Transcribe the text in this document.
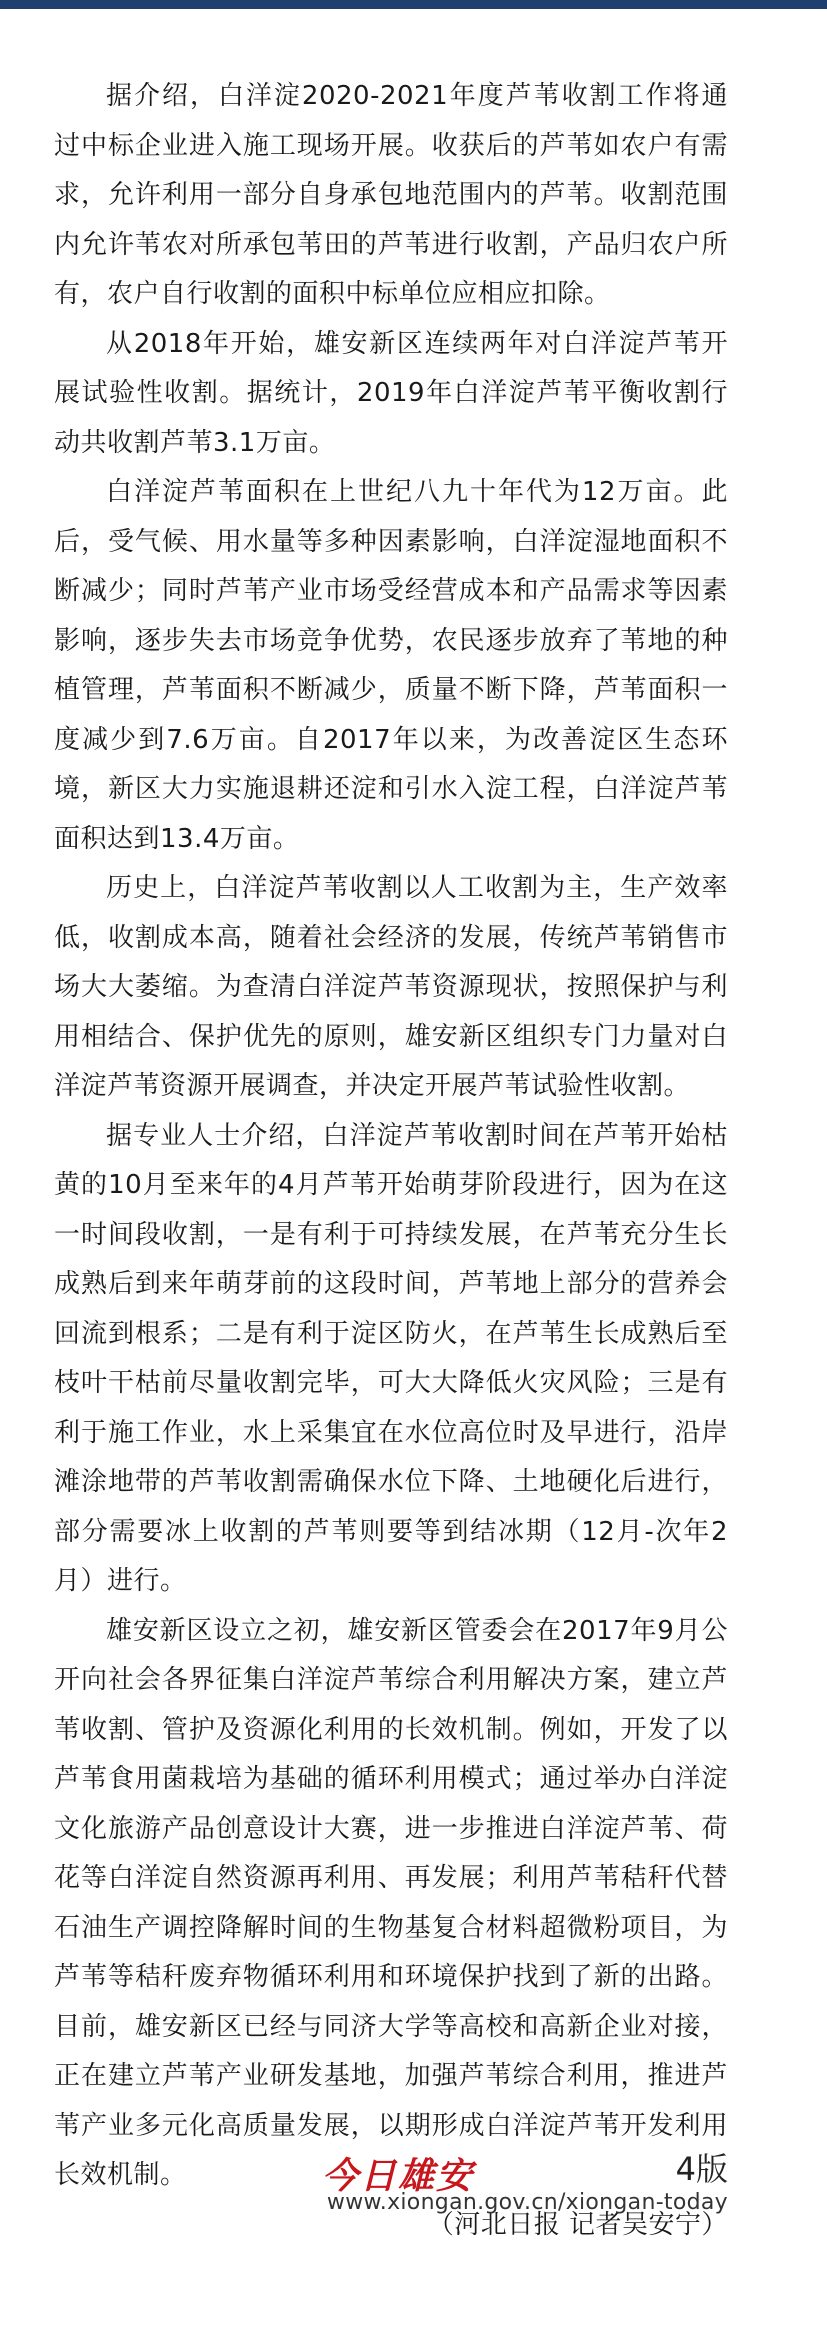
据介绍，白洋淀2020-2021年度芦苇收割工作将通过中标企业进入施工现场开展。收获后的芦苇如农户有需求，允许利用一部分自身承包地范围内的芦苇。收割范围内允许苇农对所承包苇田的芦苇进行收割，产品归农户所有，农户自行收割的面积中标单位应相应扣除。

从2018年开始，雄安新区连续两年对白洋淀芦苇开展试验性收割。据统计，2019年白洋淀芦苇平衡收割行动共收割芦苇3.1万亩。

白洋淀芦苇面积在上世纪八九十年代为12万亩。此后，受气候、用水量等多种因素影响，白洋淀湿地面积不断减少；同时芦苇产业市场受经营成本和产品需求等因素影响，逐步失去市场竞争优势，农民逐步放弃了苇地的种植管理，芦苇面积不断减少，质量不断下降，芦苇面积一度减少到7.6万亩。自2017年以来，为改善淀区生态环境，新区大力实施退耕还淀和引水入淀工程，白洋淀芦苇面积达到13.4万亩。

历史上，白洋淀芦苇收割以人工收割为主，生产效率低，收割成本高，随着社会经济的发展，传统芦苇销售市场大大萎缩。为查清白洋淀芦苇资源现状，按照保护与利用相结合、保护优先的原则，雄安新区组织专门力量对白洋淀芦苇资源开展调查，并决定开展芦苇试验性收割。

据专业人士介绍，白洋淀芦苇收割时间在芦苇开始枯黄的10月至来年的4月芦苇开始萌芽阶段进行，因为在这一时间段收割，一是有利于可持续发展，在芦苇充分生长成熟后到来年萌芽前的这段时间，芦苇地上部分的营养会回流到根系；二是有利于淀区防火，在芦苇生长成熟后至枝叶干枯前尽量收割完毕，可大大降低火灾风险；三是有利于施工作业，水上采集宜在水位高位时及早进行，沿岸滩涂地带的芦苇收割需确保水位下降、土地硬化后进行，部分需要冰上收割的芦苇则要等到结冰期（12月-次年2月）进行。

雄安新区设立之初，雄安新区管委会在2017年9月公开向社会各界征集白洋淀芦苇综合利用解决方案，建立芦苇收割、管护及资源化利用的长效机制。例如，开发了以芦苇食用菌栽培为基础的循环利用模式；通过举办白洋淀文化旅游产品创意设计大赛，进一步推进白洋淀芦苇、荷花等白洋淀自然资源再利用、再发展；利用芦苇秸秆代替石油生产调控降解时间的生物基复合材料超微粉项目，为芦苇等秸秆废弃物循环利用和环境保护找到了新的出路。目前，雄安新区已经与同济大学等高校和高新企业对接，正在建立芦苇产业研发基地，加强芦苇综合利用，推进芦苇产业多元化高质量发展，以期形成白洋淀芦苇开发利用长效机制。
（河北日报 记者吴安宁）

今日雄安	4版
www.xiongan.gov.cn/xiongan-today
